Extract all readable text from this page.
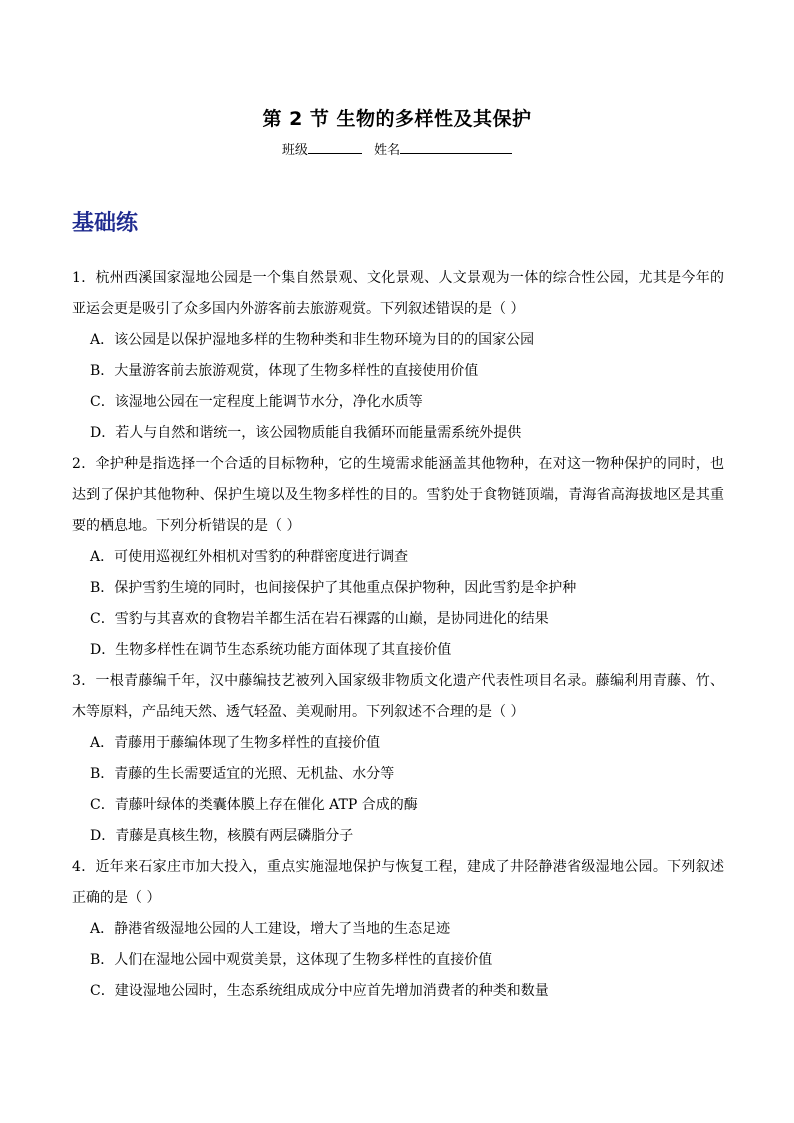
第 2 节 生物的多样性及其保护
班级	姓名
基础练

1．杭州西溪国家湿地公园是一个集自然景观、文化景观、人文景观为一体的综合性公园，尤其是今年的亚运会更是吸引了众多国内外游客前去旅游观赏。下列叙述错误的是（ ）

A．该公园是以保护湿地多样的生物种类和非生物环境为目的的国家公园

B．大量游客前去旅游观赏，体现了生物多样性的直接使用价值

C．该湿地公园在一定程度上能调节水分，净化水质等

D．若人与自然和谐统一，该公园物质能自我循环而能量需系统外提供

2．伞护种是指选择一个合适的目标物种，它的生境需求能涵盖其他物种，在对这一物种保护的同时，也达到了保护其他物种、保护生境以及生物多样性的目的。雪豹处于食物链顶端，青海省高海拔地区是其重要的栖息地。下列分析错误的是（ ）

A．可使用巡视红外相机对雪豹的种群密度进行调查

B．保护雪豹生境的同时，也间接保护了其他重点保护物种，因此雪豹是伞护种

C．雪豹与其喜欢的食物岩羊都生活在岩石裸露的山巅，是协同进化的结果

D．生物多样性在调节生态系统功能方面体现了其直接价值

3．一根青藤编千年，汉中藤编技艺被列入国家级非物质文化遗产代表性项目名录。藤编利用青藤、竹、木等原料，产品纯天然、透气轻盈、美观耐用。下列叙述不合理的是（ ）

A．青藤用于藤编体现了生物多样性的直接价值

B．青藤的生长需要适宜的光照、无机盐、水分等

C．青藤叶绿体的类囊体膜上存在催化 ATP 合成的酶

D．青藤是真核生物，核膜有两层磷脂分子

4．近年来石家庄市加大投入，重点实施湿地保护与恢复工程，建成了井陉静港省级湿地公园。下列叙述正确的是（ ）

A．静港省级湿地公园的人工建设，增大了当地的生态足迹

B．人们在湿地公园中观赏美景，这体现了生物多样性的直接价值

C．建设湿地公园时，生态系统组成成分中应首先增加消费者的种类和数量
